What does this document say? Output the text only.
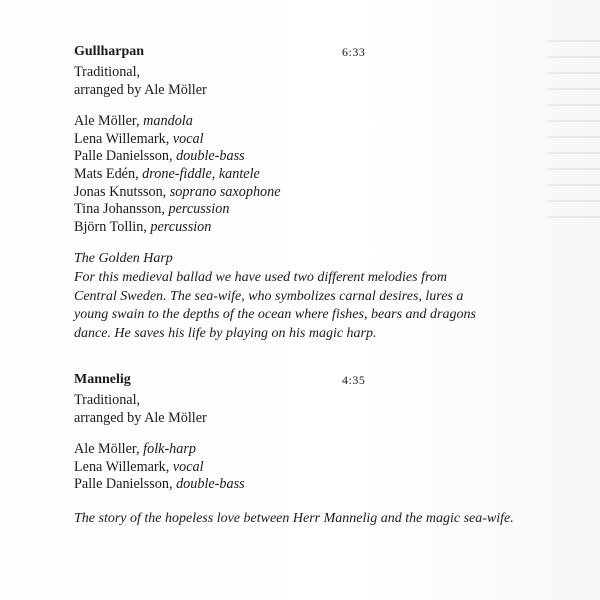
Gullharpan	6:33
Traditional,
arranged by Ale Möller
Ale Möller, mandola
Lena Willemark, vocal
Palle Danielsson, double-bass
Mats Edén, drone-fiddle, kantele
Jonas Knutsson, soprano saxophone
Tina Johansson, percussion
Björn Tollin, percussion
The Golden Harp
For this medieval ballad we have used two different melodies from
Central Sweden. The sea-wife, who symbolizes carnal desires, lures a
young swain to the depths of the ocean where fishes, bears and dragons
dance. He saves his life by playing on his magic harp.
Mannelig	4:35
Traditional,
arranged by Ale Möller
Ale Möller, folk-harp
Lena Willemark, vocal
Palle Danielsson, double-bass
The story of the hopeless love between Herr Mannelig and the magic sea-wife.
